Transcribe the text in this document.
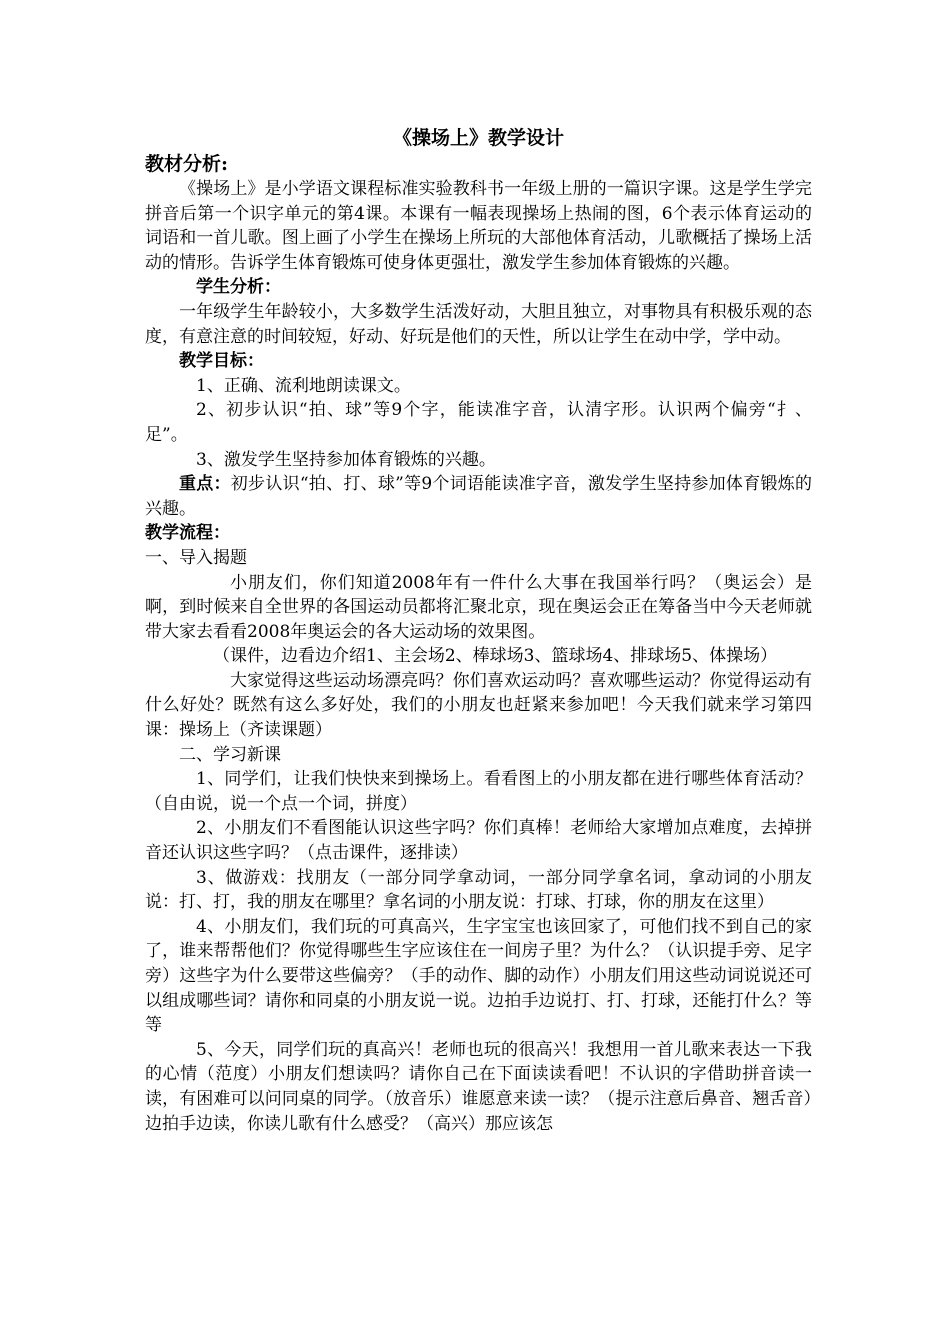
《操场上》教学设计

教材分析:

《操场上》是小学语文课程标准实验教科书一年级上册的一篇识字课。这是学生学完拼音后第一个识字单元的第4课。本课有一幅表现操场上热闹的图，6个表示体育运动的词语和一首儿歌。图上画了小学生在操场上所玩的大部他体育活动，儿歌概括了操场上活动的情形。告诉学生体育锻炼可使身体更强壮，激发学生参加体育锻炼的兴趣。

学生分析：

一年级学生年龄较小，大多数学生活泼好动，大胆且独立，对事物具有积极乐观的态度，有意注意的时间较短，好动、好玩是他们的天性，所以让学生在动中学，学中动。

教学目标：

1、正确、流利地朗读课文。

2、初步认识“拍、球”等9个字，能读准字音，认清字形。认识两个偏旁“扌、足”。

3、激发学生坚持参加体育锻炼的兴趣。

重点：初步认识“拍、打、球”等9个词语能读准字音，激发学生坚持参加体育锻炼的兴趣。

教学流程：

一、导入揭题

小朋友们，你们知道2008年有一件什么大事在我国举行吗？（奥运会）是啊，到时候来自全世界的各国运动员都将汇聚北京，现在奥运会正在筹备当中今天老师就带大家去看看2008年奥运会的各大运动场的效果图。

（课件，边看边介绍1、主会场2、棒球场3、篮球场4、排球场5、体操场）

大家觉得这些运动场漂亮吗？你们喜欢运动吗？喜欢哪些运动？你觉得运动有什么好处？既然有这么多好处，我们的小朋友也赶紧来参加吧！今天我们就来学习第四课：操场上（齐读课题）

二、学习新课

1、同学们，让我们快快来到操场上。看看图上的小朋友都在进行哪些体育活动？（自由说，说一个点一个词，拼度）

2、小朋友们不看图能认识这些字吗？你们真棒！老师给大家增加点难度，去掉拼音还认识这些字吗？（点击课件，逐排读）

3、做游戏：找朋友（一部分同学拿动词，一部分同学拿名词，拿动词的小朋友说：打、打，我的朋友在哪里？拿名词的小朋友说：打球、打球，你的朋友在这里）

4、小朋友们，我们玩的可真高兴，生字宝宝也该回家了，可他们找不到自己的家了，谁来帮帮他们？你觉得哪些生字应该住在一间房子里？为什么？（认识提手旁、足字旁）这些字为什么要带这些偏旁？（手的动作、脚的动作）小朋友们用这些动词说说还可以组成哪些词？请你和同桌的小朋友说一说。边拍手边说打、打、打球，还能打什么？等等

5、今天，同学们玩的真高兴！老师也玩的很高兴！我想用一首儿歌来表达一下我的心情（范度）小朋友们想读吗？请你自己在下面读读看吧！不认识的字借助拼音读一读，有困难可以问同桌的同学。（放音乐）谁愿意来读一读？（提示注意后鼻音、翘舌音）边拍手边读，你读儿歌有什么感受？（高兴）那应该怎
